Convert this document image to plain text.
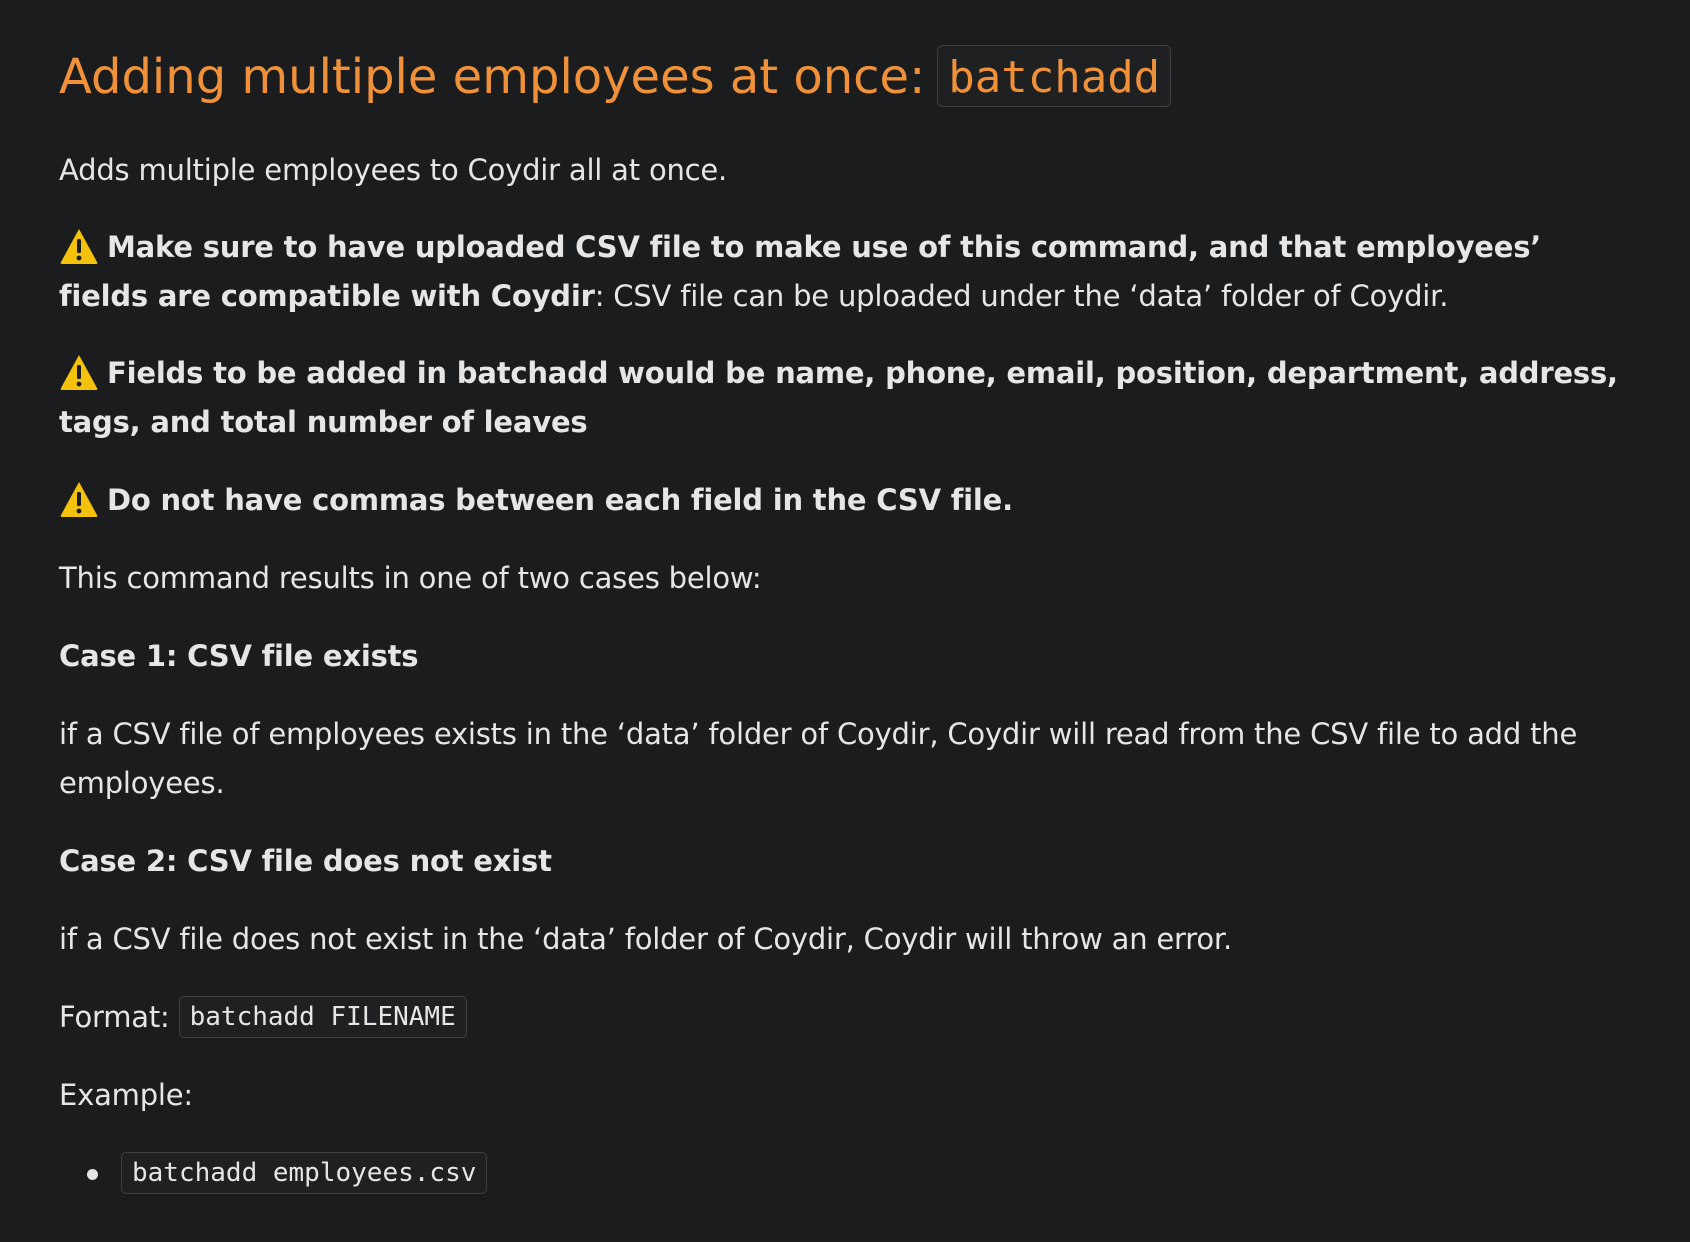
Adding multiple employees at once: batchadd

Adds multiple employees to Coydir all at once.

Make sure to have uploaded CSV file to make use of this command, and that employees’ fields are compatible with Coydir: CSV file can be uploaded under the ‘data’ folder of Coydir.

Fields to be added in batchadd would be name, phone, email, position, department, address, tags, and total number of leaves

Do not have commas between each field in the CSV file.

This command results in one of two cases below:

Case 1: CSV file exists

if a CSV file of employees exists in the ‘data’ folder of Coydir, Coydir will read from the CSV file to add the employees.

Case 2: CSV file does not exist

if a CSV file does not exist in the ‘data’ folder of Coydir, Coydir will throw an error.

Format: batchadd FILENAME

Example:

batchadd employees.csv
